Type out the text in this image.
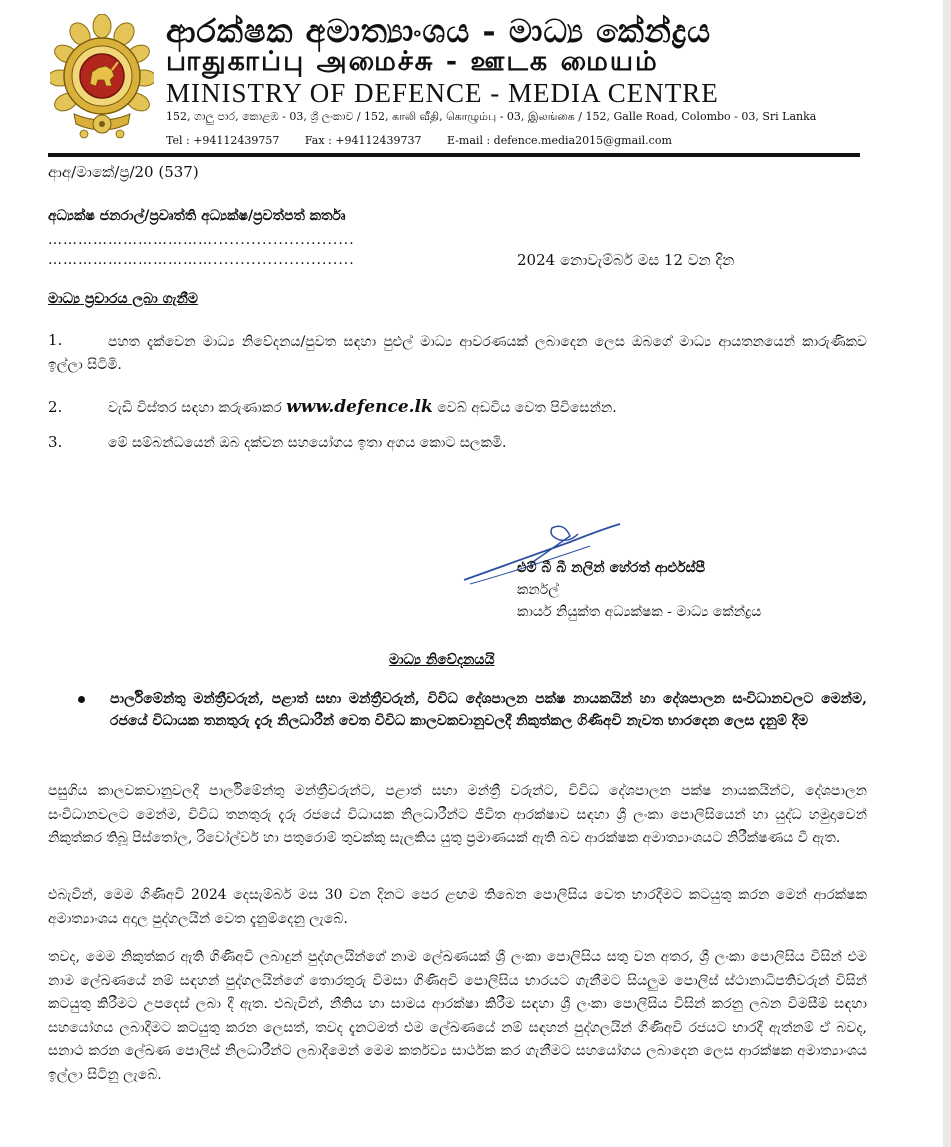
ආරක්ෂක අමාත්‍යාංශය - මාධ්‍ය කේන්ද්‍රය
பாதுகாப்பு அமைச்சு - ஊடக மையம்
MINISTRY OF DEFENCE - MEDIA CENTRE
152, ගාලු පාර, කොළඹ - 03, ශ්‍රී ලංකාව / 152, காலி வீதி, கொழும்பு - 03, இலங்கை / 152, Galle Road, Colombo - 03, Sri Lanka
Tel : +94112439757 Fax : +94112439737 E-mail : defence.media2015@gmail.com
ආඅ/මාකේ/ප්‍ර/20 (537)
අධ්‍යක්ෂ ජනරාල්/ප්‍රවෘත්ති අධ්‍යක්ෂ/ප්‍රවත්පත් කර්තෘ
……………………………..........................
……………………………..........................	2024 නොවැම්බර් මස 12 වන දින
මාධ්‍ය ප්‍රචාරය ලබා ගැනීම
1.	පහත දැක්වෙන මාධ්‍ය නිවේදනය/පුවත සඳහා පුළුල් මාධ්‍ය ආවරණයක් ලබාදෙන ලෙස ඔබගේ මාධ්‍ය ආයතනයෙන් කාරුණිකව ඉල්ලා සිටිමි.
2.	වැඩි විස්තර සඳහා කරුණාකර www.defence.lk වෙබ් අඩවිය වෙත පිවිසෙන්න.
3.	මේ සම්බන්ධයෙන් ඔබ දක්වන සහයෝගය ඉතා අගය කොට සලකමි.
එම් බී බී නලින් හේරත් ආර්එස්පී
කර්නල්
කාර්ය නියුක්ත අධ්‍යක්ෂක - මාධ්‍ය කේන්ද්‍රය
මාධ්‍ය නිවේදනයයි
පාර්ලිමේන්තු මන්ත්‍රීවරුන්, පළාත් සභා මන්ත්‍රීවරුන්, විවිධ දේශපාලන පක්ෂ නායකයින් හා දේශපාලන සංවිධානවලට මෙන්ම, රජයේ විධායක තනතුරු දැරූ නිලධාරීන් වෙත විවිධ කාලවකවානුවලදී නිකුත්කල ගිණිඅවි නැවත භාරදෙන ලෙස දැනුම් දීම
පසුගිය කාලවකවානුවලදී පාර්ලිමේන්තු මන්ත්‍රීවරුන්ට, පළාත් සභා මන්ත්‍රී වරුන්ට, විවිධ දේශපාලන පක්ෂ නායකයින්ට, දේශපාලන සංවිධානවලට මෙන්ම, විවිධ තනතුරු දැරූ රජයේ විධායක නිලධාරීන්ට ජීවිත ආරක්ෂාව සඳහා ශ්‍රී ලංකා පොලිසියෙන් හා යුද්ධ හමුදාවෙන් නිකුත්කර තිබූ පිස්තෝල, රිවෝල්වර් හා පතුරොම් තුවක්කු සැලකිය යුතු ප්‍රමාණයක් ඇති බව ආරක්ෂක අමාත්‍යාංශයට නිරීක්ෂණය වී ඇත.
එබැවින්, මෙම ගිණිඅවි 2024 දෙසැම්බර් මස 30 වන දිනට පෙර ළඟම තිබෙන පොලිසිය වෙත භාරදීමට කටයුතු කරන මෙන් ආරක්ෂක අමාත්‍යාංශය අදාල පුද්ගලයින් වෙත දැනුම්දෙනු ලැබේ.
තවද, මෙම නිකුත්කර ඇති ගිණිඅවි ලබාදුන් පුද්ගලයින්ගේ නාම ලේඛණයක් ශ්‍රී ලංකා පොලිසිය සතු වන අතර, ශ්‍රී ලංකා පොලිසිය විසින් එම නාම ලේඛණයේ නම් සඳහන් පුද්ගලයින්ගේ තොරතුරු විමසා ගිණිඅවි පොලිසිය භාරයට ගැනීමට සියලුම පොලිස් ස්ථානාධිපතිවරුන් විසින් කටයුතු කිරීමට උපදෙස් ලබා දී ඇත. එබැවින්, නීතිය හා සාමය ආරක්ෂා කිරීම සඳහා ශ්‍රී ලංකා පොලිසිය විසින් කරනු ලබන විමසීම් සඳහා සහයෝගය ලබාදීමට කටයුතු කරන ලෙසත්, තවද දැනටමත් එම ලේඛණයේ නම් සඳහන් පුද්ගලයින් ගිණිඅවි රජයට භාරදී ඇත්නම් ඒ බවද, සනාථ කරන ලේඛණ පොලිස් නිලධාරීන්ට ලබාදීමෙන් මෙම කර්තව්‍ය සාර්ථක කර ගැනීමට සහයෝගය ලබාදෙන ලෙස ආරක්ෂක අමාත්‍යාංශය ඉල්ලා සිටිනු ලැබේ.
